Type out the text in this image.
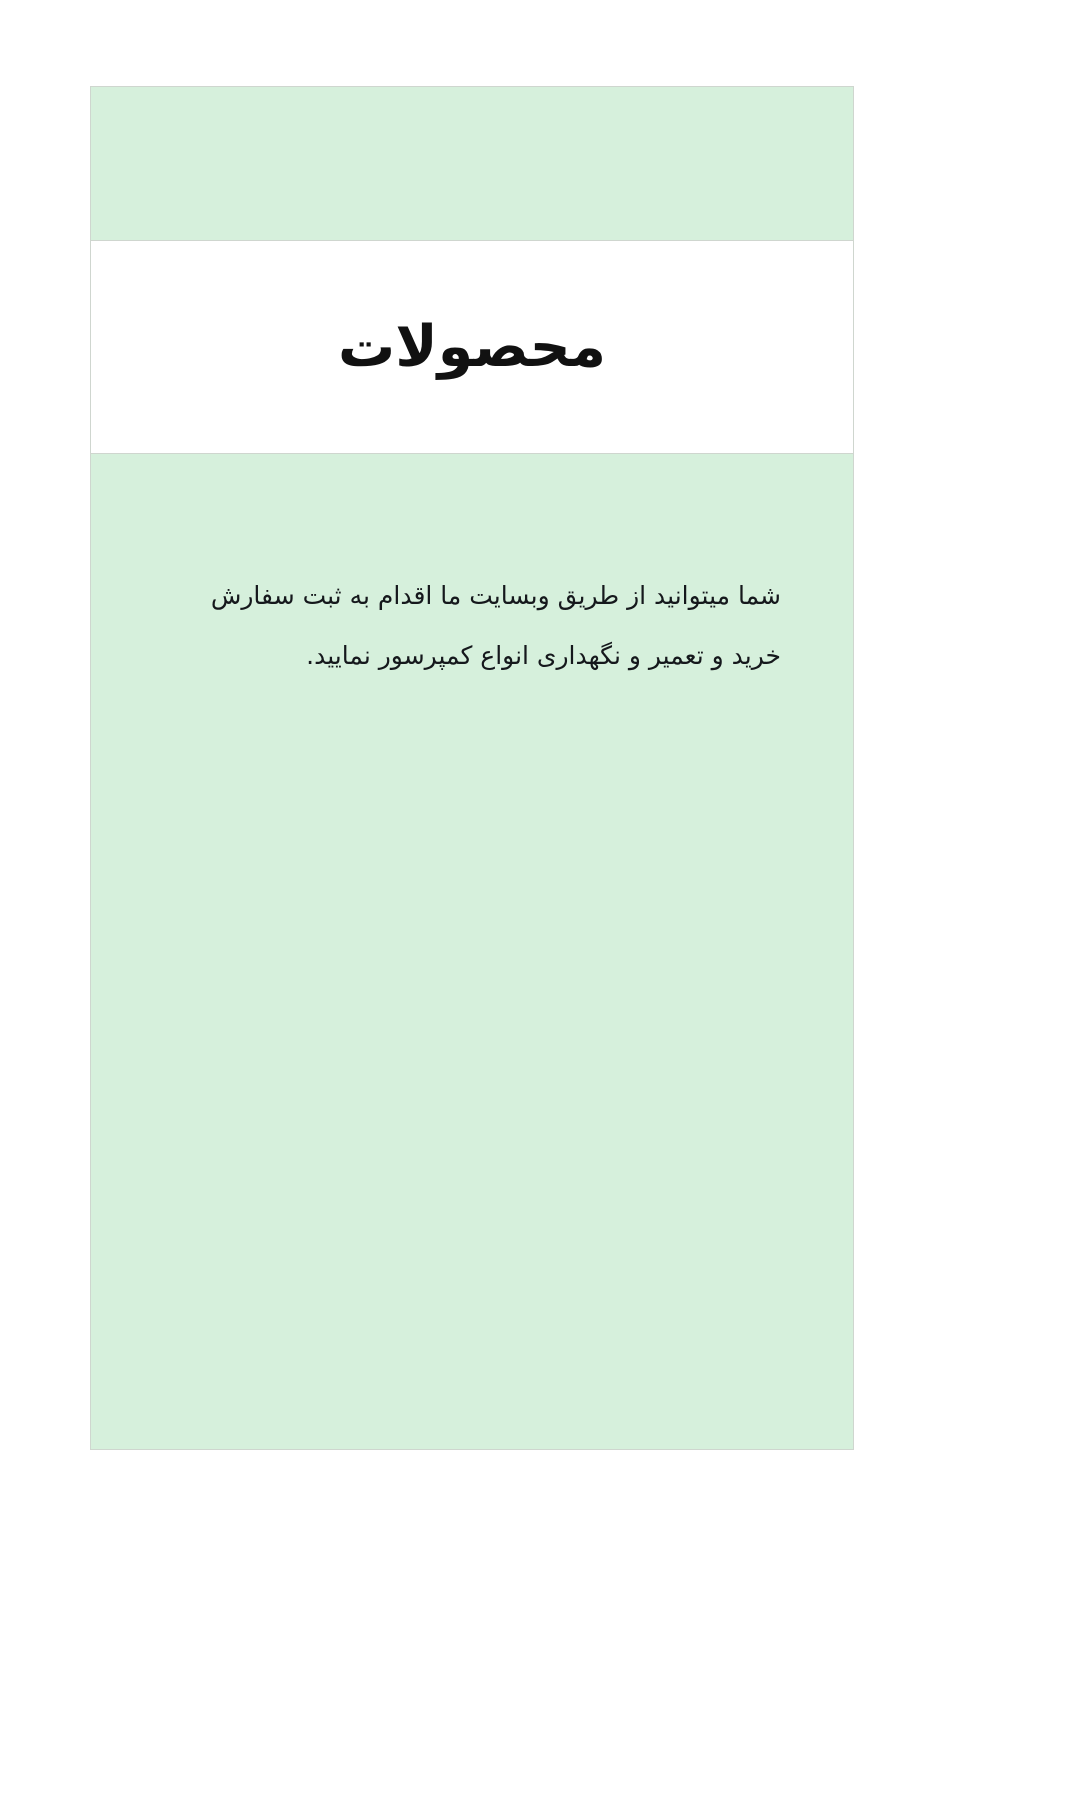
محصولات

شما میتوانید از طریق وبسایت ما اقدام به ثبت سفارش خرید و تعمیر و نگهداری انواع کمپرسور نمایید.
